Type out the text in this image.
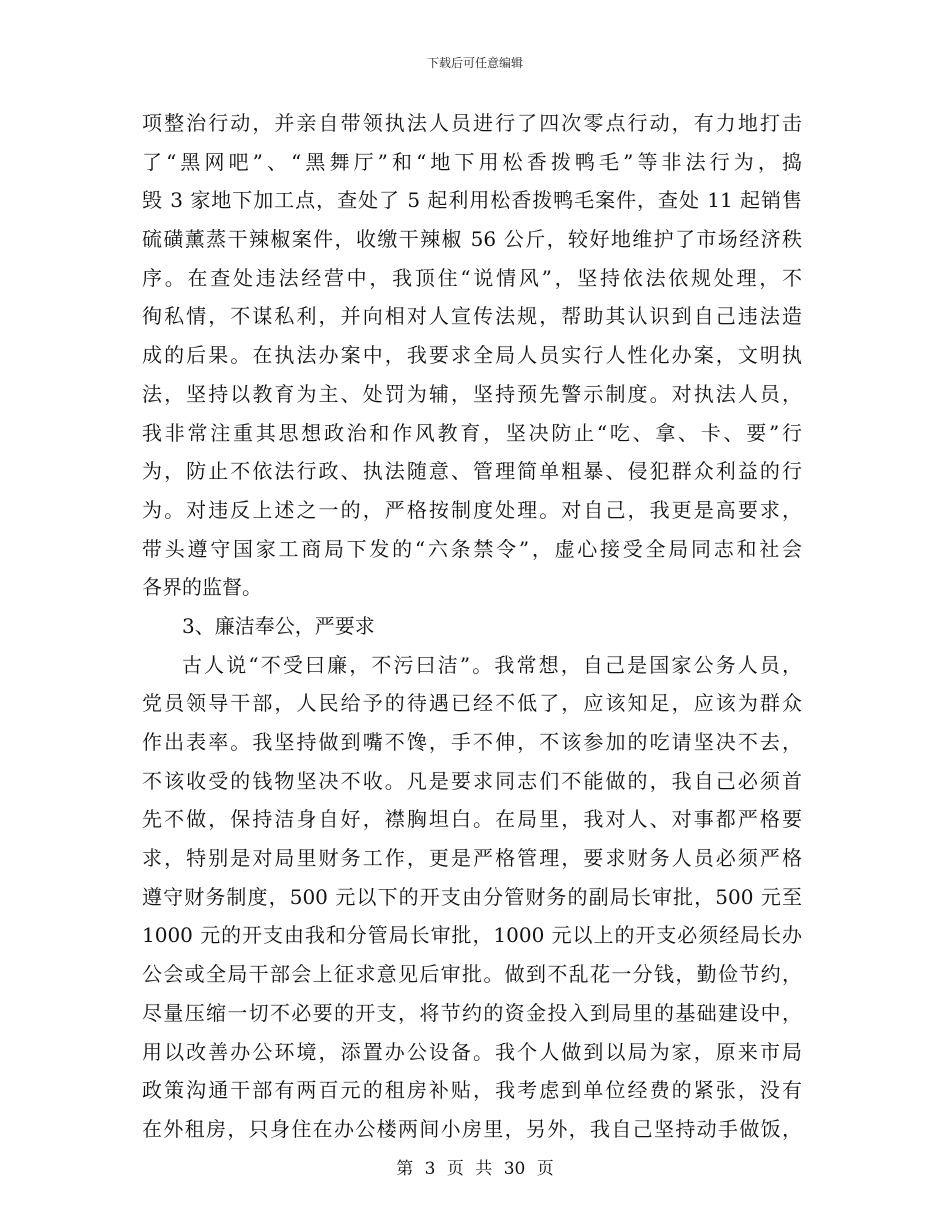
下载后可任意编辑
项整治行动，并亲自带领执法人员进行了四次零点行动，有力地打击
了“黑网吧”、“黑舞厅”和“地下用松香拨鸭毛”等非法行为，捣
毁 3 家地下加工点，查处了 5 起利用松香拨鸭毛案件，查处 11 起销售
硫磺薰蒸干辣椒案件，收缴干辣椒 56 公斤，较好地维护了市场经济秩
序。在查处违法经营中，我顶住“说情风”，坚持依法依规处理，不
徇私情，不谋私利，并向相对人宣传法规，帮助其认识到自己违法造
成的后果。在执法办案中，我要求全局人员实行人性化办案，文明执
法，坚持以教育为主、处罚为辅，坚持预先警示制度。对执法人员，
我非常注重其思想政治和作风教育，坚决防止“吃、拿、卡、要”行
为，防止不依法行政、执法随意、管理简单粗暴、侵犯群众利益的行
为。对违反上述之一的，严格按制度处理。对自己，我更是高要求，
带头遵守国家工商局下发的“六条禁令”，虚心接受全局同志和社会
各界的监督。
3、廉洁奉公，严要求
古人说“不受曰廉，不污曰洁”。我常想，自己是国家公务人员，
党员领导干部，人民给予的待遇已经不低了，应该知足，应该为群众
作出表率。我坚持做到嘴不馋，手不伸，不该参加的吃请坚决不去，
不该收受的钱物坚决不收。凡是要求同志们不能做的，我自己必须首
先不做，保持洁身自好，襟胸坦白。在局里，我对人、对事都严格要
求，特别是对局里财务工作，更是严格管理，要求财务人员必须严格
遵守财务制度，500 元以下的开支由分管财务的副局长审批，500 元至
1000 元的开支由我和分管局长审批，1000 元以上的开支必须经局长办
公会或全局干部会上征求意见后审批。做到不乱花一分钱，勤俭节约，
尽量压缩一切不必要的开支，将节约的资金投入到局里的基础建设中，
用以改善办公环境，添置办公设备。我个人做到以局为家，原来市局
政策沟通干部有两百元的租房补贴，我考虑到单位经费的紧张，没有
在外租房，只身住在办公楼两间小房里，另外，我自己坚持动手做饭，
第 3 页 共 30 页
